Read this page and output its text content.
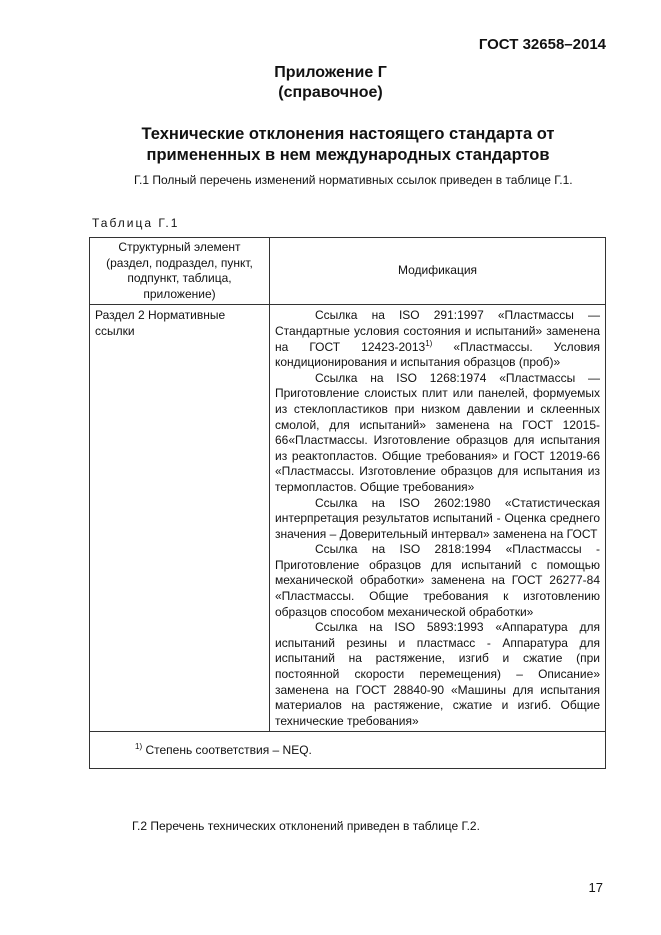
ГОСТ 32658–2014
Приложение Г
(справочное)
Технические отклонения настоящего стандарта от
примененных в нем международных стандартов
Г.1 Полный перечень изменений нормативных ссылок приведен в таблице Г.1.
Таблица Г.1
Структурный элемент (раздел, подраздел, пункт, подпункт, таблица, приложение)	Модификация
Раздел 2 Нормативные ссылки	Ссылка на ISO 291:1997 «Пластмассы — Стандартные условия состояния и испытаний» заменена на ГОСТ 12423-2013$^{1)}$ «Пластмассы. Условия кондиционирования и испытания образцов (проб)»

Ссылка на ISO 1268:1974 «Пластмассы — Приготовление слоистых плит или панелей, формуемых из стеклопластиков при низком давлении и склеенных смолой, для испытаний» заменена на ГОСТ 12015-66«Пластмассы. Изготовление образцов для испытания из реактопластов. Общие требования» и ГОСТ 12019-66 «Пластмассы. Изготовление образцов для испытания из термопластов. Общие требования»

Ссылка на ISO 2602:1980 «Статистическая интерпретация результатов испытаний - Оценка среднего значения – Доверительный интервал» заменена на ГОСТ

Ссылка на ISO 2818:1994 «Пластмассы - Приготовление образцов для испытаний с помощью механической обработки» заменена на ГОСТ 26277-84 «Пластмассы. Общие требования к изготовлению образцов способом механической обработки»

Ссылка на ISO 5893:1993 «Аппаратура для испытаний резины и пластмасс - Аппаратура для испытаний на растяжение, изгиб и сжатие (при постоянной скорости перемещения) – Описание» заменена на ГОСТ 28840-90 «Машины для испытания материалов на растяжение, сжатие и изгиб. Общие технические требования»

$^{1)}$ Степень соответствия – NEQ.	
Г.2 Перечень технических отклонений приведен в таблице Г.2.
17
